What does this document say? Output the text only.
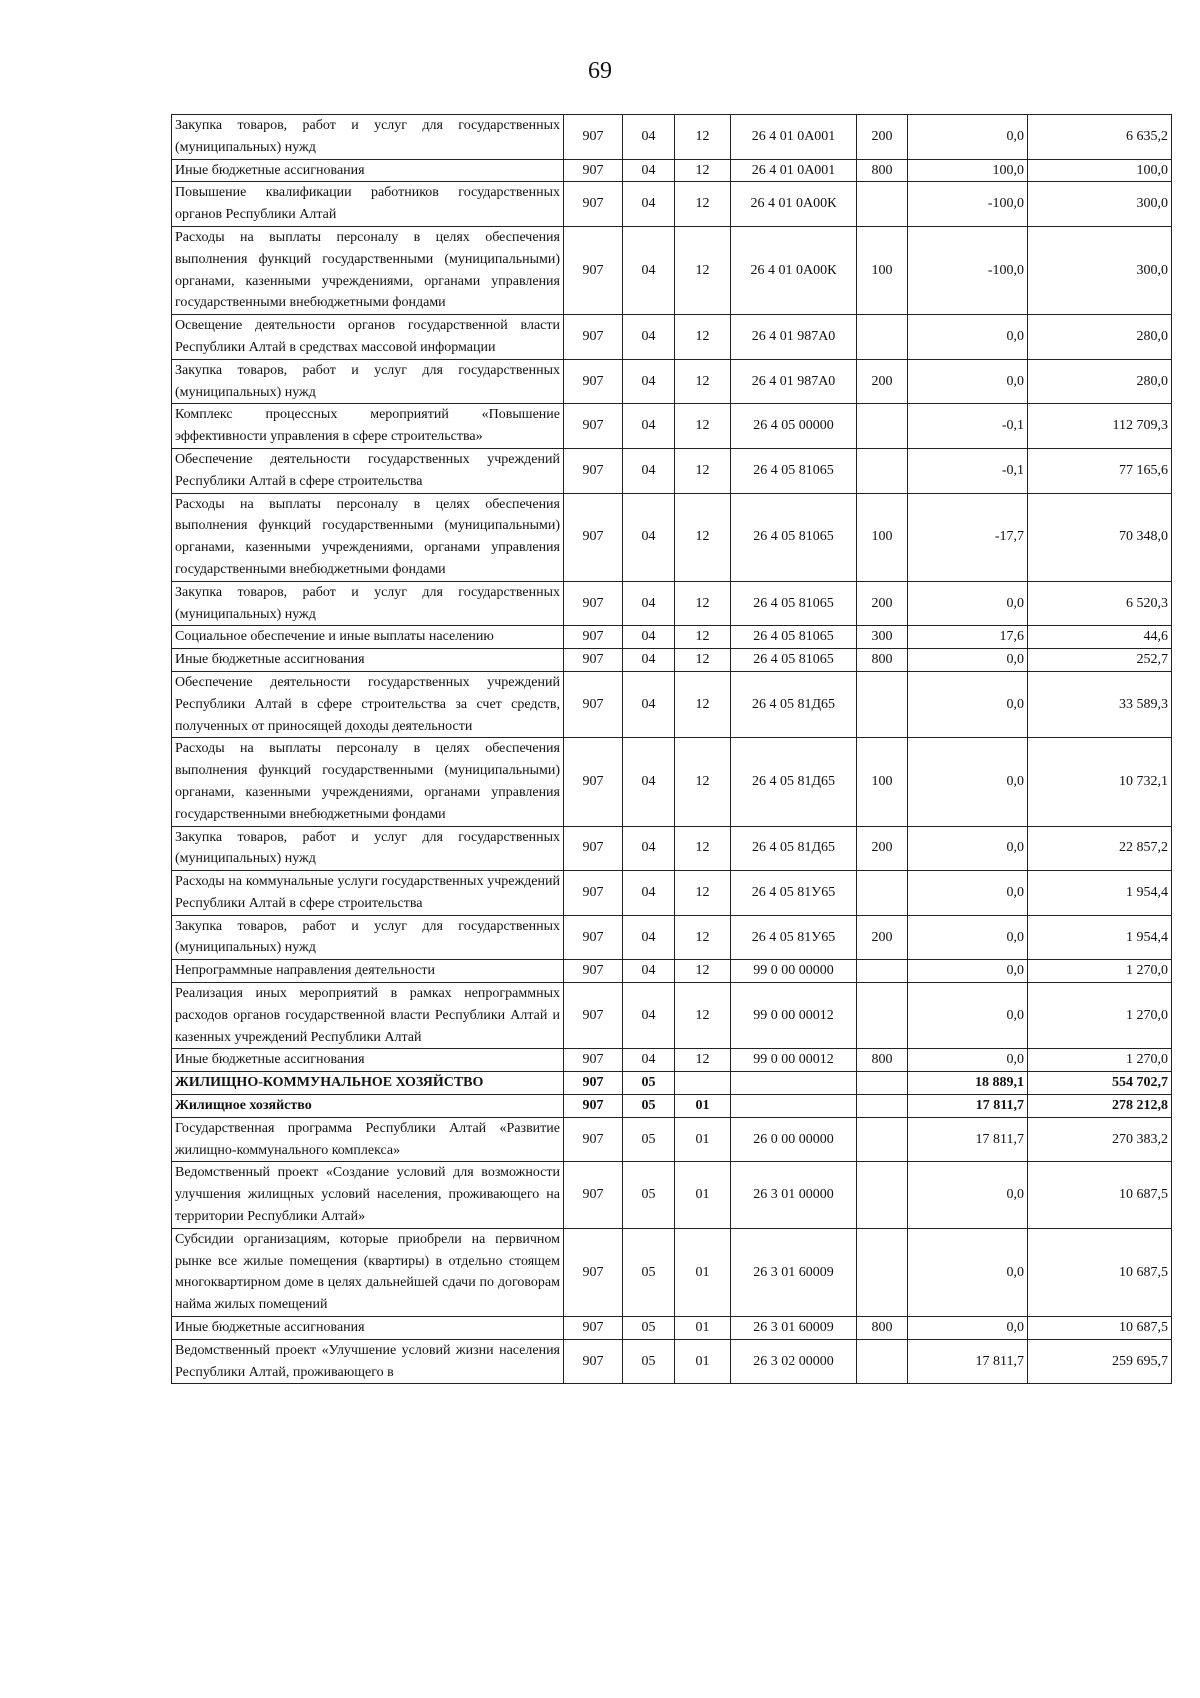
69
Закупка товаров, работ и услуг для государственных (муниципальных) нужд	907	04	12	26 4 01 0А001	200	0,0	6 635,2
Иные бюджетные ассигнования	907	04	12	26 4 01 0А001	800	100,0	100,0
Повышение квалификации работников государственных органов Республики Алтай	907	04	12	26 4 01 0А00К		-100,0	300,0
Расходы на выплаты персоналу в целях обеспечения выполнения функций государственными (муниципальными) органами, казенными учреждениями, органами управления государственными внебюджетными фондами	907	04	12	26 4 01 0А00К	100	-100,0	300,0
Освещение деятельности органов государственной власти Республики Алтай в средствах массовой информации	907	04	12	26 4 01 987А0		0,0	280,0
Закупка товаров, работ и услуг для государственных (муниципальных) нужд	907	04	12	26 4 01 987А0	200	0,0	280,0
Комплекс процессных мероприятий «Повышение эффективности управления в сфере строительства»	907	04	12	26 4 05 00000		-0,1	112 709,3
Обеспечение деятельности государственных учреждений Республики Алтай в сфере строительства	907	04	12	26 4 05 81065		-0,1	77 165,6
Расходы на выплаты персоналу в целях обеспечения выполнения функций государственными (муниципальными) органами, казенными учреждениями, органами управления государственными внебюджетными фондами	907	04	12	26 4 05 81065	100	-17,7	70 348,0
Закупка товаров, работ и услуг для государственных (муниципальных) нужд	907	04	12	26 4 05 81065	200	0,0	6 520,3
Социальное обеспечение и иные выплаты населению	907	04	12	26 4 05 81065	300	17,6	44,6
Иные бюджетные ассигнования	907	04	12	26 4 05 81065	800	0,0	252,7
Обеспечение деятельности государственных учреждений Республики Алтай в сфере строительства за счет средств, полученных от приносящей доходы деятельности	907	04	12	26 4 05 81Д65		0,0	33 589,3
Расходы на выплаты персоналу в целях обеспечения выполнения функций государственными (муниципальными) органами, казенными учреждениями, органами управления государственными внебюджетными фондами	907	04	12	26 4 05 81Д65	100	0,0	10 732,1
Закупка товаров, работ и услуг для государственных (муниципальных) нужд	907	04	12	26 4 05 81Д65	200	0,0	22 857,2
Расходы на коммунальные услуги государственных учреждений Республики Алтай в сфере строительства	907	04	12	26 4 05 81У65		0,0	1 954,4
Закупка товаров, работ и услуг для государственных (муниципальных) нужд	907	04	12	26 4 05 81У65	200	0,0	1 954,4
Непрограммные направления деятельности	907	04	12	99 0 00 00000		0,0	1 270,0
Реализация иных мероприятий в рамках непрограммных расходов органов государственной власти Республики Алтай и казенных учреждений Республики Алтай	907	04	12	99 0 00 00012		0,0	1 270,0
Иные бюджетные ассигнования	907	04	12	99 0 00 00012	800	0,0	1 270,0
ЖИЛИЩНО-КОММУНАЛЬНОЕ ХОЗЯЙСТВО	907	05				18 889,1	554 702,7
Жилищное хозяйство	907	05	01			17 811,7	278 212,8
Государственная программа Республики Алтай «Развитие жилищно-коммунального комплекса»	907	05	01	26 0 00 00000		17 811,7	270 383,2
Ведомственный проект «Создание условий для возможности улучшения жилищных условий населения, проживающего на территории Республики Алтай»	907	05	01	26 3 01 00000		0,0	10 687,5
Субсидии организациям, которые приобрели на первичном рынке все жилые помещения (квартиры) в отдельно стоящем многоквартирном доме в целях дальнейшей сдачи по договорам найма жилых помещений	907	05	01	26 3 01 60009		0,0	10 687,5
Иные бюджетные ассигнования	907	05	01	26 3 01 60009	800	0,0	10 687,5
Ведомственный проект «Улучшение условий жизни населения Республики Алтай, проживающего в	907	05	01	26 3 02 00000		17 811,7	259 695,7
